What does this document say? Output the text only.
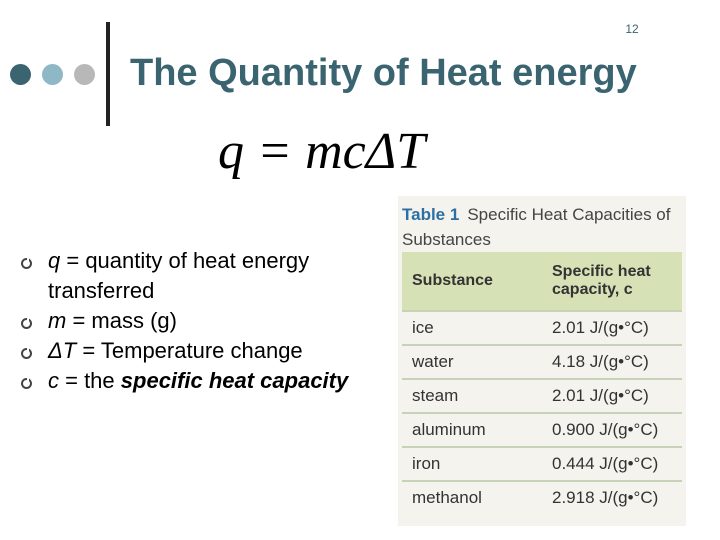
12
The Quantity of Heat energy
q = mcΔT
q = quantity of heat energy transferred
m = mass (g)
ΔT = Temperature change
c = the specific heat capacity
Table 1 Specific Heat Capacities of Substances
Substance	Specific heat capacity, c
ice	2.01 J/(g•°C)
water	4.18 J/(g•°C)
steam	2.01 J/(g•°C)
aluminum	0.900 J/(g•°C)
iron	0.444 J/(g•°C)
methanol	2.918 J/(g•°C)
